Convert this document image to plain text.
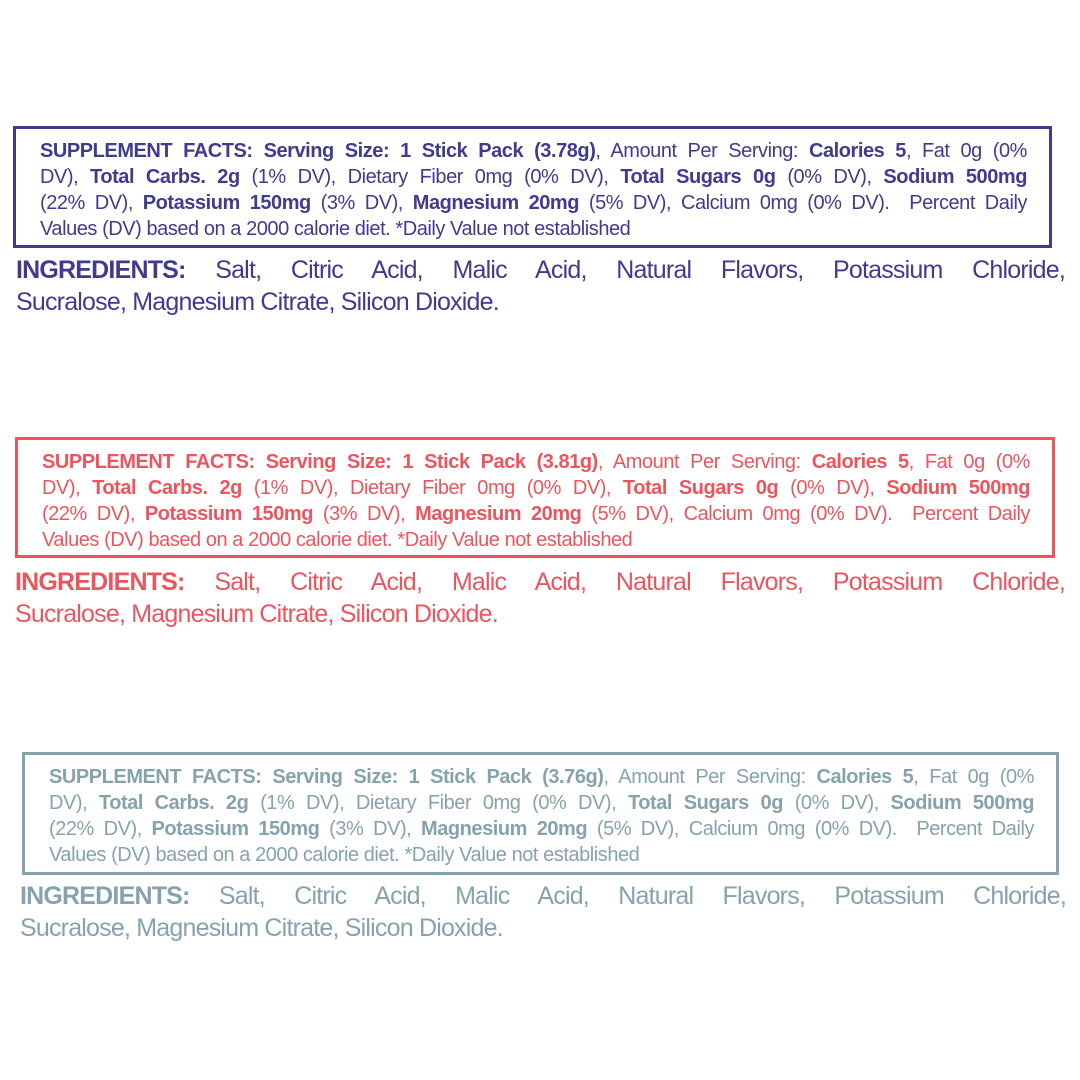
SUPPLEMENT FACTS: Serving Size: 1 Stick Pack (3.78g), Amount Per Serving: Calories 5, Fat 0g (0%
DV), Total Carbs. 2g (1% DV), Dietary Fiber 0mg (0% DV), Total Sugars 0g (0% DV), Sodium 500mg
(22% DV), Potassium 150mg (3% DV), Magnesium 20mg (5% DV), Calcium 0mg (0% DV).  Percent Daily
Values (DV) based on a 2000 calorie diet. *Daily Value not established
INGREDIENTS: Salt, Citric Acid, Malic Acid, Natural Flavors, Potassium Chloride,
Sucralose, Magnesium Citrate, Silicon Dioxide.
SUPPLEMENT FACTS: Serving Size: 1 Stick Pack (3.81g), Amount Per Serving: Calories 5, Fat 0g (0%
DV), Total Carbs. 2g (1% DV), Dietary Fiber 0mg (0% DV), Total Sugars 0g (0% DV), Sodium 500mg
(22% DV), Potassium 150mg (3% DV), Magnesium 20mg (5% DV), Calcium 0mg (0% DV).  Percent Daily
Values (DV) based on a 2000 calorie diet. *Daily Value not established
INGREDIENTS: Salt, Citric Acid, Malic Acid, Natural Flavors, Potassium Chloride,
Sucralose, Magnesium Citrate, Silicon Dioxide.
SUPPLEMENT FACTS: Serving Size: 1 Stick Pack (3.76g), Amount Per Serving: Calories 5, Fat 0g (0%
DV), Total Carbs. 2g (1% DV), Dietary Fiber 0mg (0% DV), Total Sugars 0g (0% DV), Sodium 500mg
(22% DV), Potassium 150mg (3% DV), Magnesium 20mg (5% DV), Calcium 0mg (0% DV).  Percent Daily
Values (DV) based on a 2000 calorie diet. *Daily Value not established
INGREDIENTS: Salt, Citric Acid, Malic Acid, Natural Flavors, Potassium Chloride,
Sucralose, Magnesium Citrate, Silicon Dioxide.
